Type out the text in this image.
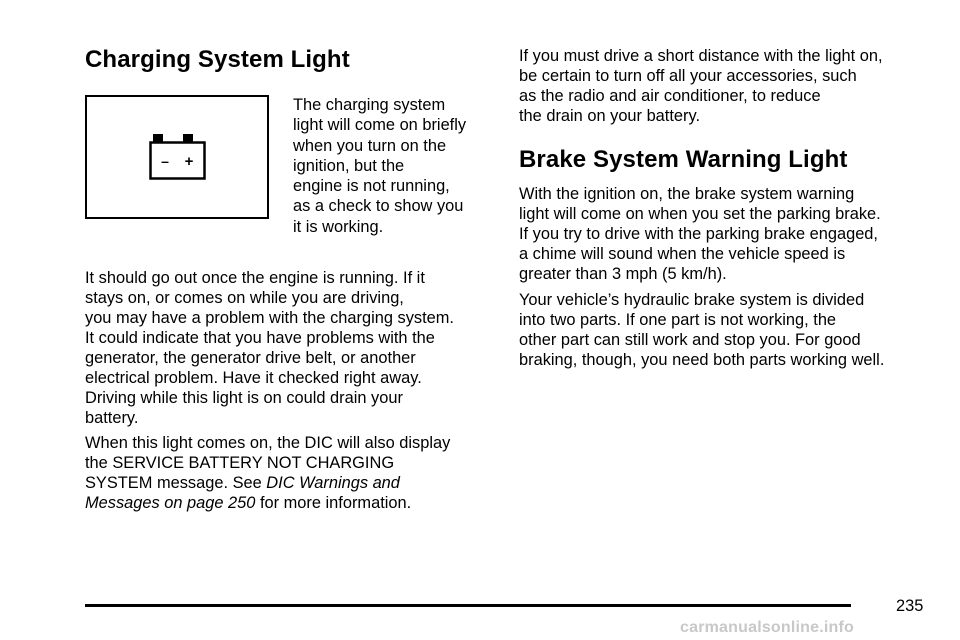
Charging System Light
– +

The charging system
light will come on briefly
when you turn on the
ignition, but the
engine is not running,
as a check to show you
it is working.

It should go out once the engine is running. If it
stays on, or comes on while you are driving,
you may have a problem with the charging system.
It could indicate that you have problems with the
generator, the generator drive belt, or another
electrical problem. Have it checked right away.
Driving while this light is on could drain your
battery.

When this light comes on, the DIC will also display
the SERVICE BATTERY NOT CHARGING
SYSTEM message. See DIC Warnings and
Messages on page 250 for more information.

If you must drive a short distance with the light on,
be certain to turn off all your accessories, such
as the radio and air conditioner, to reduce
the drain on your battery.

Brake System Warning Light

With the ignition on, the brake system warning
light will come on when you set the parking brake.
If you try to drive with the parking brake engaged,
a chime will sound when the vehicle speed is
greater than 3 mph (5 km/h).

Your vehicle’s hydraulic brake system is divided
into two parts. If one part is not working, the
other part can still work and stop you. For good
braking, though, you need both parts working well.

235
carmanualsonline.info
